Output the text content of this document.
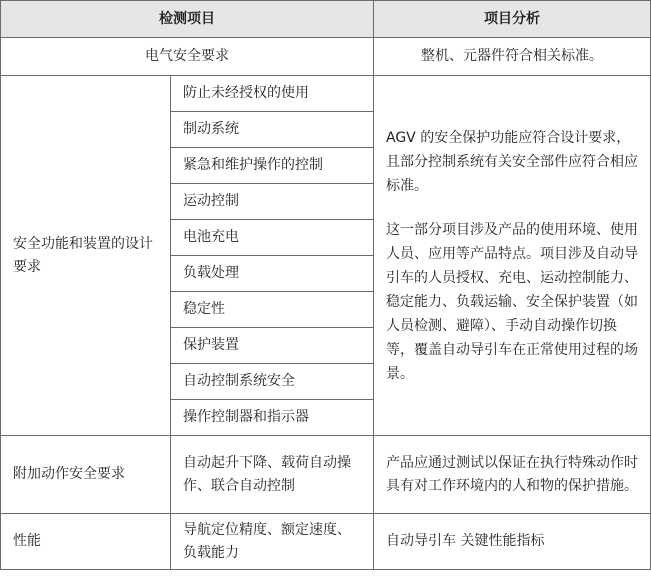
检测项目		项目分析
电气安全要求		整机、元器件符合相关标准。
安全功能和装置的设计要求	防止未经授权的使用	AGV 的安全保护功能应符合设计要求，且部分控制系统有关安全部件应符合相应标准。
这一部分项目涉及产品的使用环境、使用人员、应用等产品特点。项目涉及自动导引车的人员授权、充电、运动控制能力、稳定能力、负载运输、安全保护装置（如人员检测、避障）、手动自动操作切换等，覆盖自动导引车在正常使用过程的场景。

	制动系统	
	紧急和维护操作的控制	
	运动控制	
	电池充电	
	负载处理	
	稳定性	
	保护装置	
	自动控制系统安全	
	操作控制器和指示器	
附加动作安全要求	自动起升下降、载荷自动操作、联合自动控制	产品应通过测试以保证在执行特殊动作时具有对工作环境内的人和物的保护措施。
性能	导航定位精度、额定速度、负载能力	自动导引车 关键性能指标
